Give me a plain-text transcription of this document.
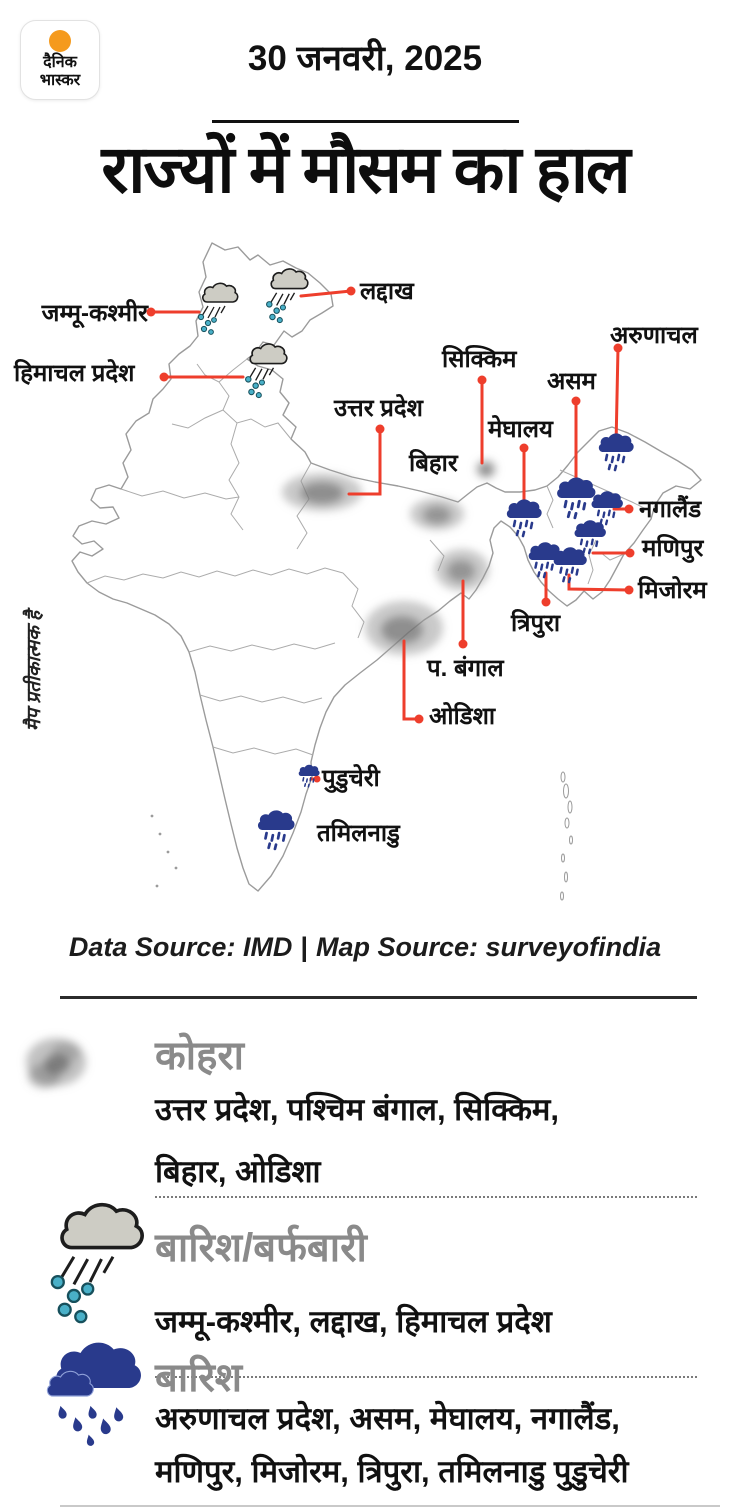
दैनिक
भास्कर
30 जनवरी, 2025
राज्यों में मौसम का हाल
जम्मू-कश्मीर
लद्दाख
हिमाचल प्रदेश
उत्तर प्रदेश
सिक्किम
असम
अरुणाचल
मेघालय
बिहार
नगालैंड
मणिपुर
मिजोरम
त्रिपुरा
प. बंगाल
ओडिशा
पुडुचेरी
तमिलनाडु
मैप प्रतीकात्मक है
Data Source: IMD | Map Source: surveyofindia
कोहरा
उत्तर प्रदेश, पश्चिम बंगाल, सिक्किम,
बिहार, ओडिशा
बारिश/बर्फबारी
जम्मू-कश्मीर, लद्दाख, हिमाचल प्रदेश
बारिश
अरुणाचल प्रदेश, असम, मेघालय, नगालैंड,
मणिपुर, मिजोरम, त्रिपुरा, तमिलनाडु पुडुचेरी
